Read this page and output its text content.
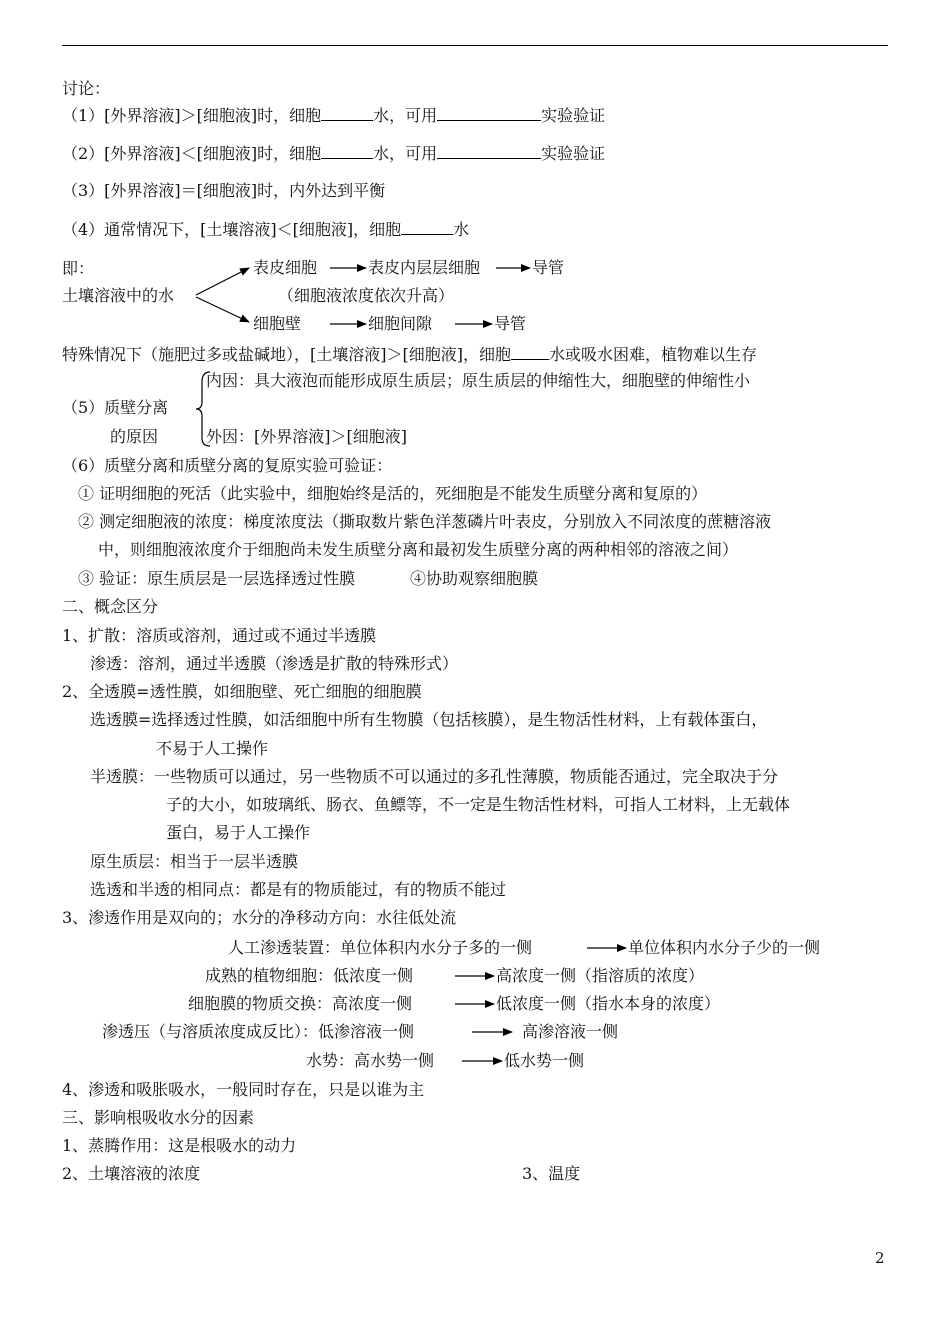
讨论：
（1）[外界溶液]＞[细胞液]时，细胞	水，可用	实验验证
（2）[外界溶液]＜[细胞液]时，细胞	水，可用	实验验证
（3）[外界溶液]＝[细胞液]时，内外达到平衡
（4）通常情况下，[土壤溶液]＜[细胞液]，细胞	水
即：
土壤溶液中的水
表皮细胞	表皮内层层细胞	导管
（细胞液浓度依次升高）
细胞壁	细胞间隙	导管
特殊情况下（施肥过多或盐碱地），[土壤溶液]＞[细胞液]，细胞 水或吸水困难，植物难以生存
（5）质壁分离
的原因
内因：具大液泡而能形成原生质层；原生质层的伸缩性大，细胞壁的伸缩性小
外因：[外界溶液]＞[细胞液]
（6）质壁分离和质壁分离的复原实验可验证：
① 证明细胞的死活（此实验中，细胞始终是活的，死细胞是不能发生质壁分离和复原的）
② 测定细胞液的浓度：梯度浓度法（撕取数片紫色洋葱磷片叶表皮，分别放入不同浓度的蔗糖溶液
中，则细胞液浓度介于细胞尚未发生质壁分离和最初发生质壁分离的两种相邻的溶液之间）
③ 验证：原生质层是一层选择透过性膜	④协助观察细胞膜
二、概念区分
1、扩散：溶质或溶剂，通过或不通过半透膜
渗透：溶剂，通过半透膜（渗透是扩散的特殊形式）
2、全透膜=透性膜，如细胞壁、死亡细胞的细胞膜
选透膜=选择透过性膜，如活细胞中所有生物膜（包括核膜），是生物活性材料，上有载体蛋白，
不易于人工操作
半透膜：一些物质可以通过，另一些物质不可以通过的多孔性薄膜，物质能否通过，完全取决于分
子的大小，如玻璃纸、肠衣、鱼鳔等，不一定是生物活性材料，可指人工材料，上无载体
蛋白，易于人工操作
原生质层：相当于一层半透膜
选透和半透的相同点：都是有的物质能过，有的物质不能过
3、渗透作用是双向的；水分的净移动方向：水往低处流
人工渗透装置：单位体积内水分子多的一侧	单位体积内水分子少的一侧
成熟的植物细胞：低浓度一侧	高浓度一侧（指溶质的浓度）
细胞膜的物质交换：高浓度一侧	低浓度一侧（指水本身的浓度）
渗透压（与溶质浓度成反比）：低渗溶液一侧	高渗溶液一侧
水势：高水势一侧	低水势一侧
4、渗透和吸胀吸水，一般同时存在，只是以谁为主
三、影响根吸收水分的因素
1、蒸腾作用：这是根吸水的动力
2、土壤溶液的浓度	3、温度
2
